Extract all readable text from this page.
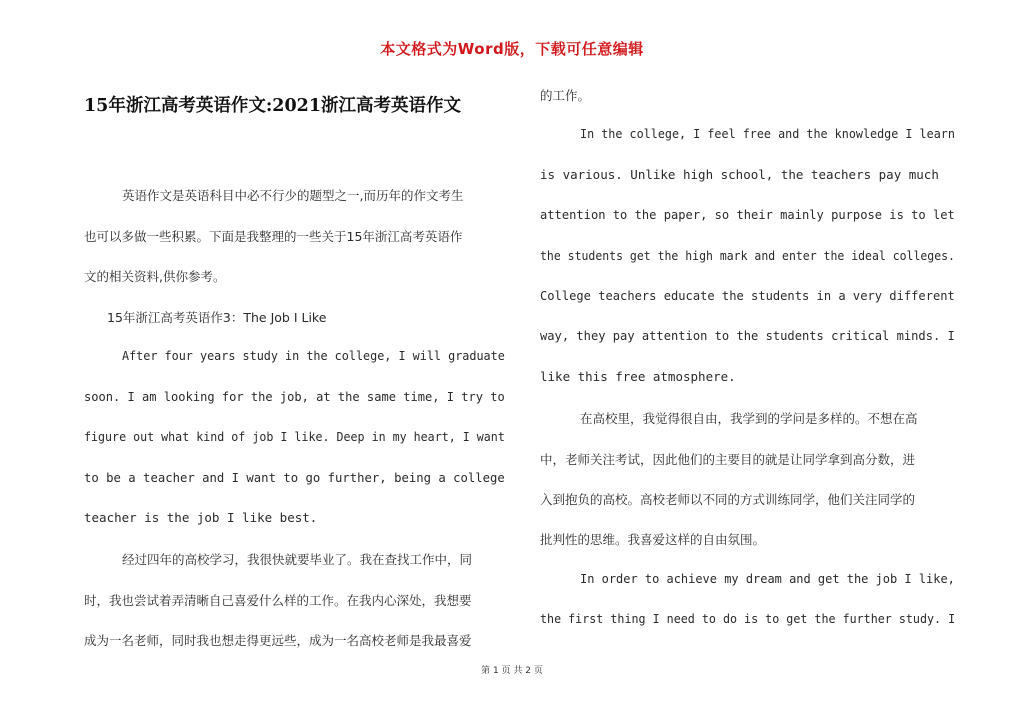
本文格式为Word版，下载可任意编辑
15年浙江高考英语作文:2021浙江高考英语作文

英语作文是英语科目中必不行少的题型之一,而历年的作文考生

也可以多做一些积累。下面是我整理的一些关于15年浙江高考英语作

文的相关资料,供你参考。

15年浙江高考英语作3：The Job I Like

After four years study in the college, I will graduate

soon. I am looking for the job, at the same time, I try to

figure out what kind of job I like. Deep in my heart, I want

to be a teacher and I want to go further, being a college

teacher is the job I like best.

经过四年的高校学习，我很快就要毕业了。我在查找工作中，同

时，我也尝试着弄清晰自己喜爱什么样的工作。在我内心深处，我想要

成为一名老师，同时我也想走得更远些，成为一名高校老师是我最喜爱

的工作。

In the college, I feel free and the knowledge I learn

is various. Unlike high school, the teachers pay much

attention to the paper, so their mainly purpose is to let

the students get the high mark and enter the ideal colleges.

College teachers educate the students in a very different

way, they pay attention to the students critical minds. I

like this free atmosphere.

在高校里，我觉得很自由，我学到的学问是多样的。不想在高

中，老师关注考试，因此他们的主要目的就是让同学拿到高分数，进

入到抱负的高校。高校老师以不同的方式训练同学，他们关注同学的

批判性的思维。我喜爱这样的自由氛围。

In order to achieve my dream and get the job I like,

the first thing I need to do is to get the further study. I

第 1 页 共 2 页
